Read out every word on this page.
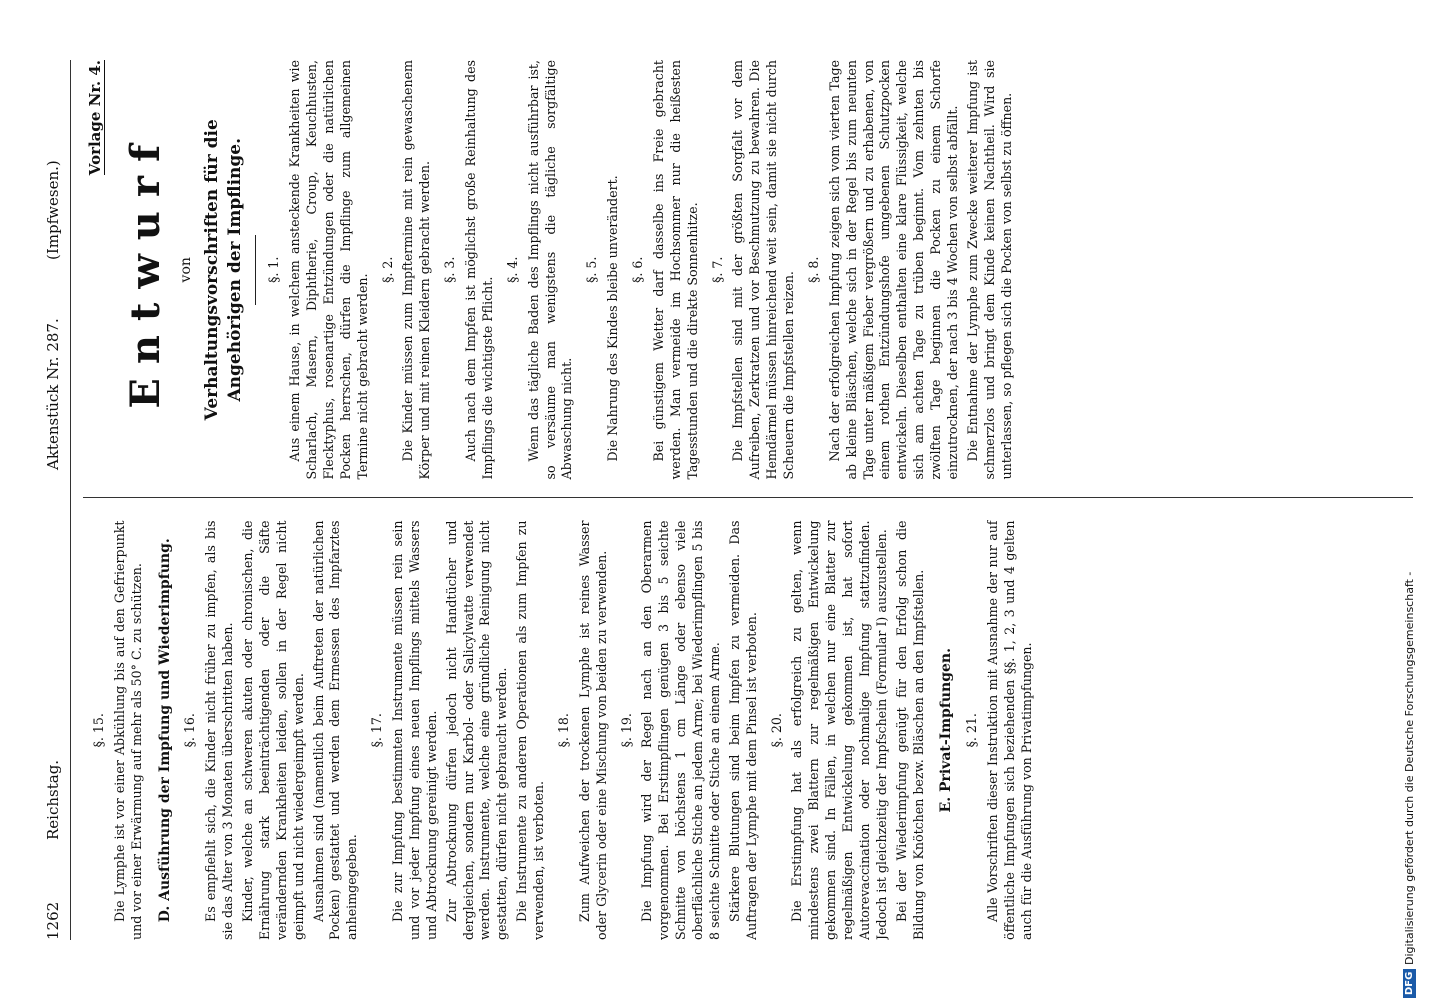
1262
Reichstag.
Aktenstück Nr. 287.
(Impfwesen.)
§. 15. Die Lymphe ist vor einer Abkühlung bis auf den Gefrierpunkt und vor einer Erwärmung auf mehr als 50° C. zu schützen. D. Ausführung der Impfung und Wiederimpfung. §. 16. Es empfiehlt sich, die Kinder nicht früher zu impfen, als bis sie das Alter von 3 Monaten überschritten haben. Kinder, welche an schweren akuten oder chronischen, die Ernährung stark beeinträchtigenden oder die Säfte verändernden Krankheiten leiden, sollen in der Regel nicht geimpft und nicht wiedergeimpft werden. Ausnahmen sind (namentlich beim Auftreten der natürlichen Pocken) gestattet und werden dem Ermessen des Impfarztes anheimgegeben.
§. 17. Die zur Impfung bestimmten Instrumente müssen rein sein und vor jeder Impfung eines neuen Impflings mittels Wassers und Abtrocknung gereinigt werden. Zur Abtrocknung dürfen jedoch nicht Handtücher und dergleichen, sondern nur Karbol- oder Salicylwatte verwendet werden. Instrumente, welche eine gründliche Reinigung nicht gestatten, dürfen nicht gebraucht werden. Die Instrumente zu anderen Operationen als zum Impfen zu verwenden, ist verboten.
§. 18. Zum Aufweichen der trockenen Lymphe ist reines Wasser oder Glycerin oder eine Mischung von beiden zu verwenden. §. 19. Die Impfung wird der Regel nach an den Oberarmen vorgenommen. Bei Erstimpflingen genügen 3 bis 5 seichte Schnitte von höchstens 1 cm Länge oder ebenso viele oberflächliche Stiche an jedem Arme; bei Wiederimpflingen 5 bis 8 seichte Schnitte oder Stiche an einem Arme. Stärkere Blutungen sind beim Impfen zu vermeiden. Das Auftragen der Lymphe mit dem Pinsel ist verboten. §. 20. Die Erstimpfung hat als erfolgreich zu gelten, wenn mindestens zwei Blattern zur regelmäßigen Entwickelung gekommen sind. In Fällen, in welchen nur eine Blatter zur regelmäßigen Entwickelung gekommen ist, hat sofort Autorevaccination oder nochmalige Impfung stattzufinden. Jedoch ist gleichzeitig der Impfschein (Formular I) auszustellen. Bei der Wiederimpfung genügt für den Erfolg schon die Bildung von Knötchen bezw. Bläschen an den Impfstellen. E. Privat-Impfungen. §. 21. Alle Vorschriften dieser Instruktion mit Ausnahme der nur auf öffentliche Impfungen sich beziehenden §§. 1, 2, 3 und 4 gelten auch für die Ausführung von Privatimpfungen.
Vorlage Nr. 4.
Entwurf von Verhaltungsvorschriften für die Angehörigen der Impflinge. §. 1. Aus einem Hause, in welchem ansteckende Krankheiten wie Scharlach, Masern, Diphtherie, Croup, Keuchhusten, Flecktyphus, rosenartige Entzündungen oder die natürlichen Pocken herrschen, dürfen die Impflinge zum allgemeinen Termine nicht gebracht werden.
§. 2. Die Kinder müssen zum Impftermine mit rein gewaschenem Körper und mit reinen Kleidern gebracht werden. §. 3. Auch nach dem Impfen ist möglichst große Reinhaltung des Impflings die wichtigste Pflicht.
§. 4. Wenn das tägliche Baden des Impflings nicht ausführbar ist, so versäume man wenigstens die tägliche sorgfältige Abwaschung nicht.
§. 5. Die Nahrung des Kindes bleibe unverändert. §. 6. Bei günstigem Wetter darf dasselbe ins Freie gebracht werden. Man vermeide im Hochsommer nur die heißesten Tagesstunden und die direkte Sonnenhitze. §. 7. Die Impfstellen sind mit der größten Sorgfalt vor dem Aufreiben, Zerkratzen und vor Beschmutzung zu bewahren. Die Hemdärmel müssen hinreichend weit sein, damit sie nicht durch Scheuern die Impfstellen reizen.
§. 8. Nach der erfolgreichen Impfung zeigen sich vom vierten Tage ab kleine Bläschen, welche sich in der Regel bis zum neunten Tage unter mäßigem Fieber vergrößern und zu erhabenen, von einem rothen Entzündungshofe umgebenen Schutzpocken entwickeln. Dieselben enthalten eine klare Flüssigkeit, welche sich am achten Tage zu trüben beginnt. Vom zehnten bis zwölften Tage beginnen die Pocken zu einem Schorfe einzutrocknen, der nach 3 bis 4 Wochen von selbst abfällt. Die Entnahme der Lymphe zum Zwecke weiterer Impfung ist schmerzlos und bringt dem Kinde keinen Nachtheil. Wird sie unterlassen, so pflegen sich die Pocken von selbst zu öffnen.
DFG
Digitalisierung gefördert durch die Deutsche Forschungsgemeinschaft -
